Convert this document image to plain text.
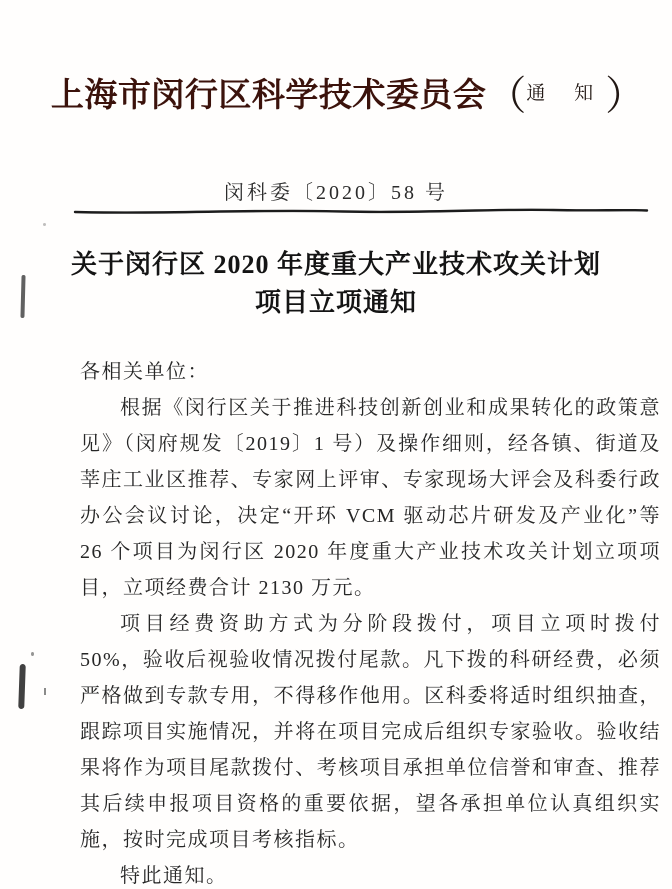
上海市闵行区科学技术委员会（通 知）
闵科委〔2020〕58 号
关于闵行区 2020 年度重大产业技术攻关计划
项目立项通知

各相关单位：

根据《闵行区关于推进科技创新创业和成果转化的政策意见》（闵府规发〔2019〕1 号）及操作细则，经各镇、街道及莘庄工业区推荐、专家网上评审、专家现场大评会及科委行政办公会议讨论，决定“开环 VCM 驱动芯片研发及产业化”等 26 个项目为闵行区 2020 年度重大产业技术攻关计划立项项目，立项经费合计 2130 万元。

项目经费资助方式为分阶段拨付，项目立项时拨付 50%，验收后视验收情况拨付尾款。凡下拨的科研经费，必须严格做到专款专用，不得移作他用。区科委将适时组织抽查，跟踪项目实施情况，并将在项目完成后组织专家验收。验收结果将作为项目尾款拨付、考核项目承担单位信誉和审查、推荐其后续申报项目资格的重要依据，望各承担单位认真组织实施，按时完成项目考核指标。

特此通知。
